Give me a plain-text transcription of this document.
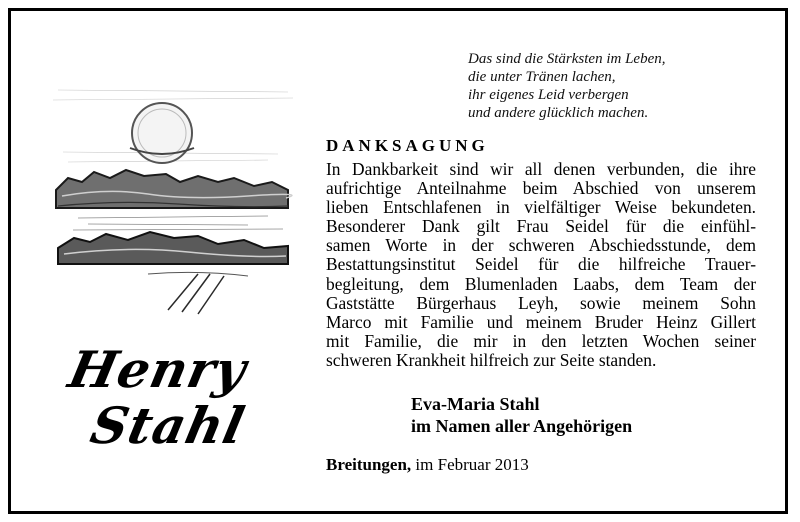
Das sind die Stärksten im Leben,
die unter Tränen lachen,
ihr eigenes Leid verbergen
und andere glücklich machen.
Henry
Stahl
DANKSAGUNG
In Dankbarkeit sind wir all denen verbunden, die ihre
aufrichtige Anteilnahme beim Abschied von unserem
lieben Entschlafenen in vielfältiger Weise bekundeten.
Besonderer Dank gilt Frau Seidel für die einfühl-
samen Worte in der schweren Abschiedsstunde, dem
Bestattungsinstitut Seidel für die hilfreiche Trauer-
begleitung, dem Blumenladen Laabs, dem Team der
Gaststätte Bürgerhaus Leyh, sowie meinem Sohn
Marco mit Familie und meinem Bruder Heinz Gillert
mit Familie, die mir in den letzten Wochen seiner
schweren Krankheit hilfreich zur Seite standen.
Eva-Maria Stahl
im Namen aller Angehörigen
Breitungen, im Februar 2013
